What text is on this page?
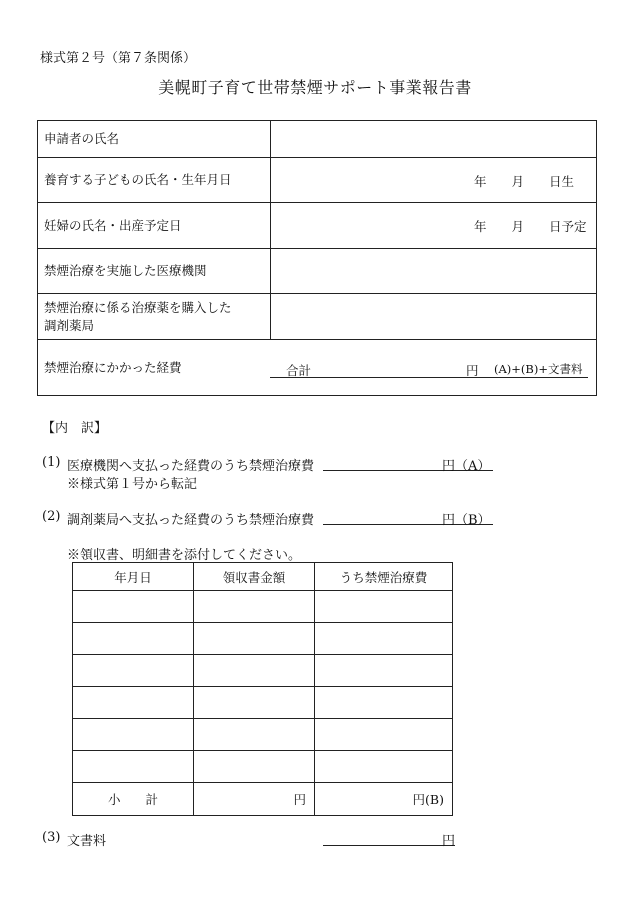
様式第２号（第７条関係）
美幌町子育て世帯禁煙サポート事業報告書
申請者の氏名
養育する子どもの氏名・生年月日	年　　月　　日生
妊婦の氏名・出産予定日	年　　月　　日予定
禁煙治療を実施した医療機関
禁煙治療に係る治療薬を購入した
調剤薬局
禁煙治療にかかった経費	合計	円 (A)+(B)+文書料
【内　訳】
(1) 医療機関へ支払った経費のうち禁煙治療費	円（A）
※様式第１号から転記
(2) 調剤薬局へ支払った経費のうち禁煙治療費	円（B）
※領収書、明細書を添付してください。
年月日	領収書金額	うち禁煙治療費

小　　計	円	円(B)
(3) 文書料	円
